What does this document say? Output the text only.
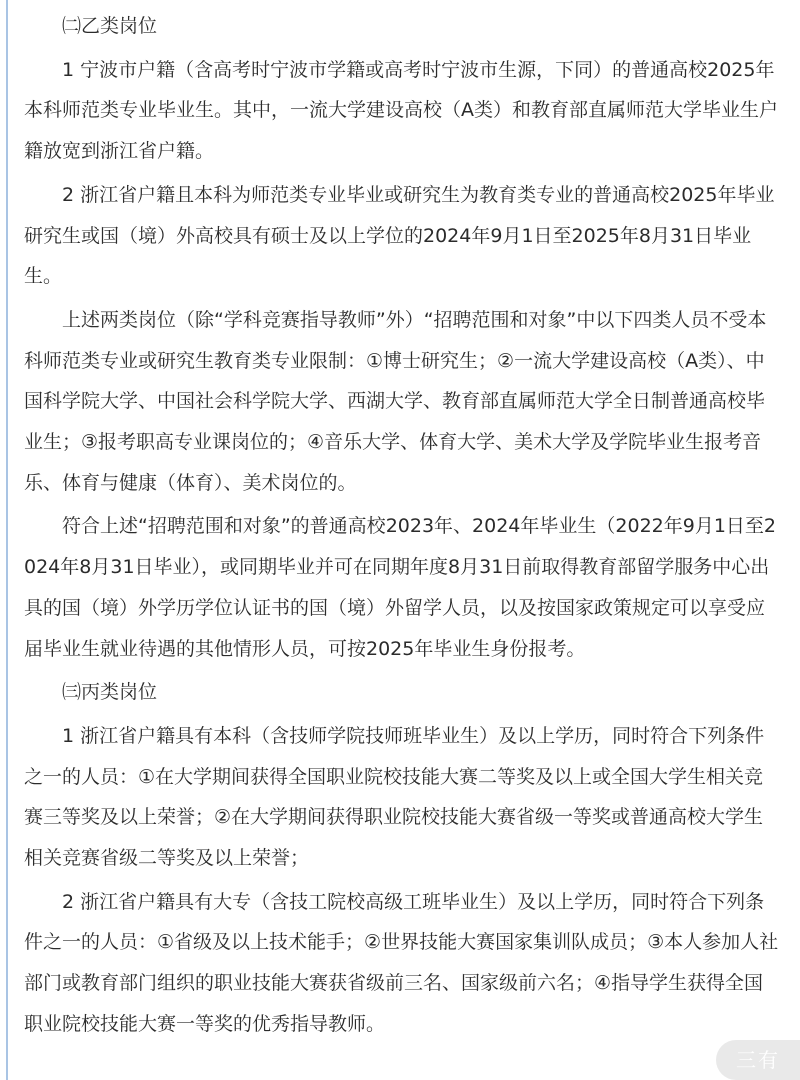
㈡乙类岗位

1 宁波市户籍（含高考时宁波市学籍或高考时宁波市生源，下同）的普通高校2025年本科师范类专业毕业生。其中，一流大学建设高校（A类）和教育部直属师范大学毕业生户籍放宽到浙江省户籍。

2 浙江省户籍且本科为师范类专业毕业或研究生为教育类专业的普通高校2025年毕业研究生或国（境）外高校具有硕士及以上学位的2024年9月1日至2025年8月31日毕业生。

上述两类岗位（除“学科竞赛指导教师”外）“招聘范围和对象”中以下四类人员不受本科师范类专业或研究生教育类专业限制：①博士研究生；②一流大学建设高校（A类）、中国科学院大学、中国社会科学院大学、西湖大学、教育部直属师范大学全日制普通高校毕业生；③报考职高专业课岗位的；④音乐大学、体育大学、美术大学及学院毕业生报考音乐、体育与健康（体育）、美术岗位的。

符合上述“招聘范围和对象”的普通高校2023年、2024年毕业生（2022年9月1日至2024年8月31日毕业），或同期毕业并可在同期年度8月31日前取得教育部留学服务中心出具的国（境）外学历学位认证书的国（境）外留学人员，以及按国家政策规定可以享受应届毕业生就业待遇的其他情形人员，可按2025年毕业生身份报考。

㈢丙类岗位

1 浙江省户籍具有本科（含技师学院技师班毕业生）及以上学历，同时符合下列条件之一的人员：①在大学期间获得全国职业院校技能大赛二等奖及以上或全国大学生相关竞赛三等奖及以上荣誉；②在大学期间获得职业院校技能大赛省级一等奖或普通高校大学生相关竞赛省级二等奖及以上荣誉；

2 浙江省户籍具有大专（含技工院校高级工班毕业生）及以上学历，同时符合下列条件之一的人员：①省级及以上技术能手；②世界技能大赛国家集训队成员；③本人参加人社部门或教育部门组织的职业技能大赛获省级前三名、国家级前六名；④指导学生获得全国职业院校技能大赛一等奖的优秀指导教师。

三有
